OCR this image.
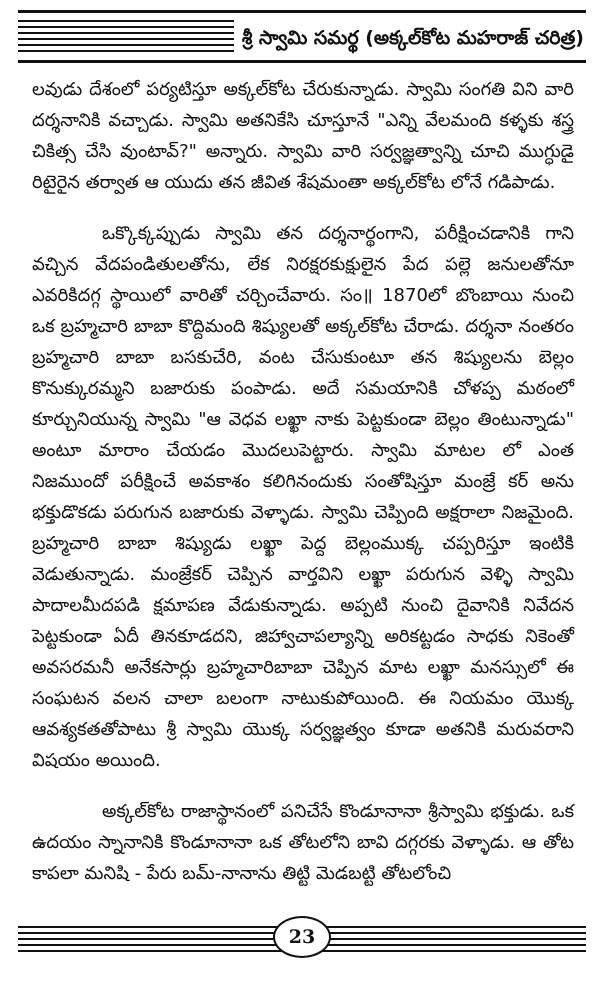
శ్రీ స్వామి సమర్థ (అక్కల్‌కోట మహరాజ్ చరిత్ర)

లవుడు దేశంలో పర్యటిస్తూ అక్కల్‌కోట చేరుకున్నాడు. స్వామి సంగతి విని వారి దర్శనానికి వచ్చాడు. స్వామి అతనికేసి చూస్తూనే "ఎన్ని వేలమంది కళ్ళకు శస్త్ర చికిత్స చేసి వుంటావ్?" అన్నారు. స్వామి వారి సర్వజ్ఞత్వాన్ని చూచి ముగ్ధుడై రిటైరైన తర్వాత ఆ యుదు తన జీవిత శేషమంతా అక్కల్‌కోట లోనే గడిపాడు.

ఒక్కొక్కప్పుడు స్వామి తన దర్శనార్థంగాని, పరీక్షించడానికి గాని వచ్చిన వేదపండితులతోను, లేక నిరక్షరకుక్షులైన పేద పల్లె జనులతోనూ ఎవరికిదగ్గ స్థాయిలో వారితో చర్చించేవారు. సం॥ 1870లో బొంబాయి నుంచి ఒక బ్రహ్మచారి బాబా కొద్దిమంది శిష్యులతో అక్కల్‌కోట చేరాడు. దర్శనా నంతరం బ్రహ్మచారి బాబా బసకుచేరి, వంట చేసుకుంటూ తన శిష్యులను బెల్లం కొనుక్కురమ్మని బజారుకు పంపాడు. అదే సమయానికి చోళప్ప మఠంలో కూర్చునియున్న స్వామి "ఆ వెధవ లఖ్ఖా నాకు పెట్టకుండా బెల్లం తింటున్నాడు" అంటూ మారాం చేయడం మొదలుపెట్టారు. స్వామి మాటల లో ఎంత నిజముందో పరీక్షించే అవకాశం కలిగినందుకు సంతోషిస్తూ మంజ్రే కర్ అను భక్తుడొకడు పరుగున బజారుకు వెళ్ళాడు. స్వామి చెప్పింది అక్షరాలా నిజమైంది. బ్రహ్మచారి బాబా శిష్యుడు లఖ్ఖా పెద్ద బెల్లంముక్క చప్పరిస్తూ ఇంటికి వెడుతున్నాడు. మంజ్రేకర్ చెప్పిన వార్తవిని లఖ్ఖా పరుగున వెళ్ళి స్వామి పాదాలమీదపడి క్షమాపణ వేడుకున్నాడు. అప్పటి నుంచి దైవానికి నివేదన పెట్టకుండా ఏదీ తినకూడదని, జిహ్వాచాపల్యాన్ని అరికట్టడం సాధకు నికెంతో అవసరమనీ అనేకసార్లు బ్రహ్మచారిబాబా చెప్పిన మాట లఖ్ఖా మనస్సులో ఈ సంఘటన వలన చాలా బలంగా నాటుకుపోయింది. ఈ నియమం యొక్క ఆవశ్యకతతోపాటు శ్రీ స్వామి యొక్క సర్వజ్ఞత్వం కూడా అతనికి మరువరాని విషయం అయింది.

అక్కల్‌కోట రాజాస్థానంలో పనిచేసే కొండూనానా శ్రీస్వామి భక్తుడు. ఒక ఉదయం స్నానానికి కొండూనానా ఒక తోటలోని బావి దగ్గరకు వెళ్ళాడు. ఆ తోట కాపలా మనిషి - పేరు బమ్-నానాను తిట్టి మెడబట్టి తోటలోంచి

23
